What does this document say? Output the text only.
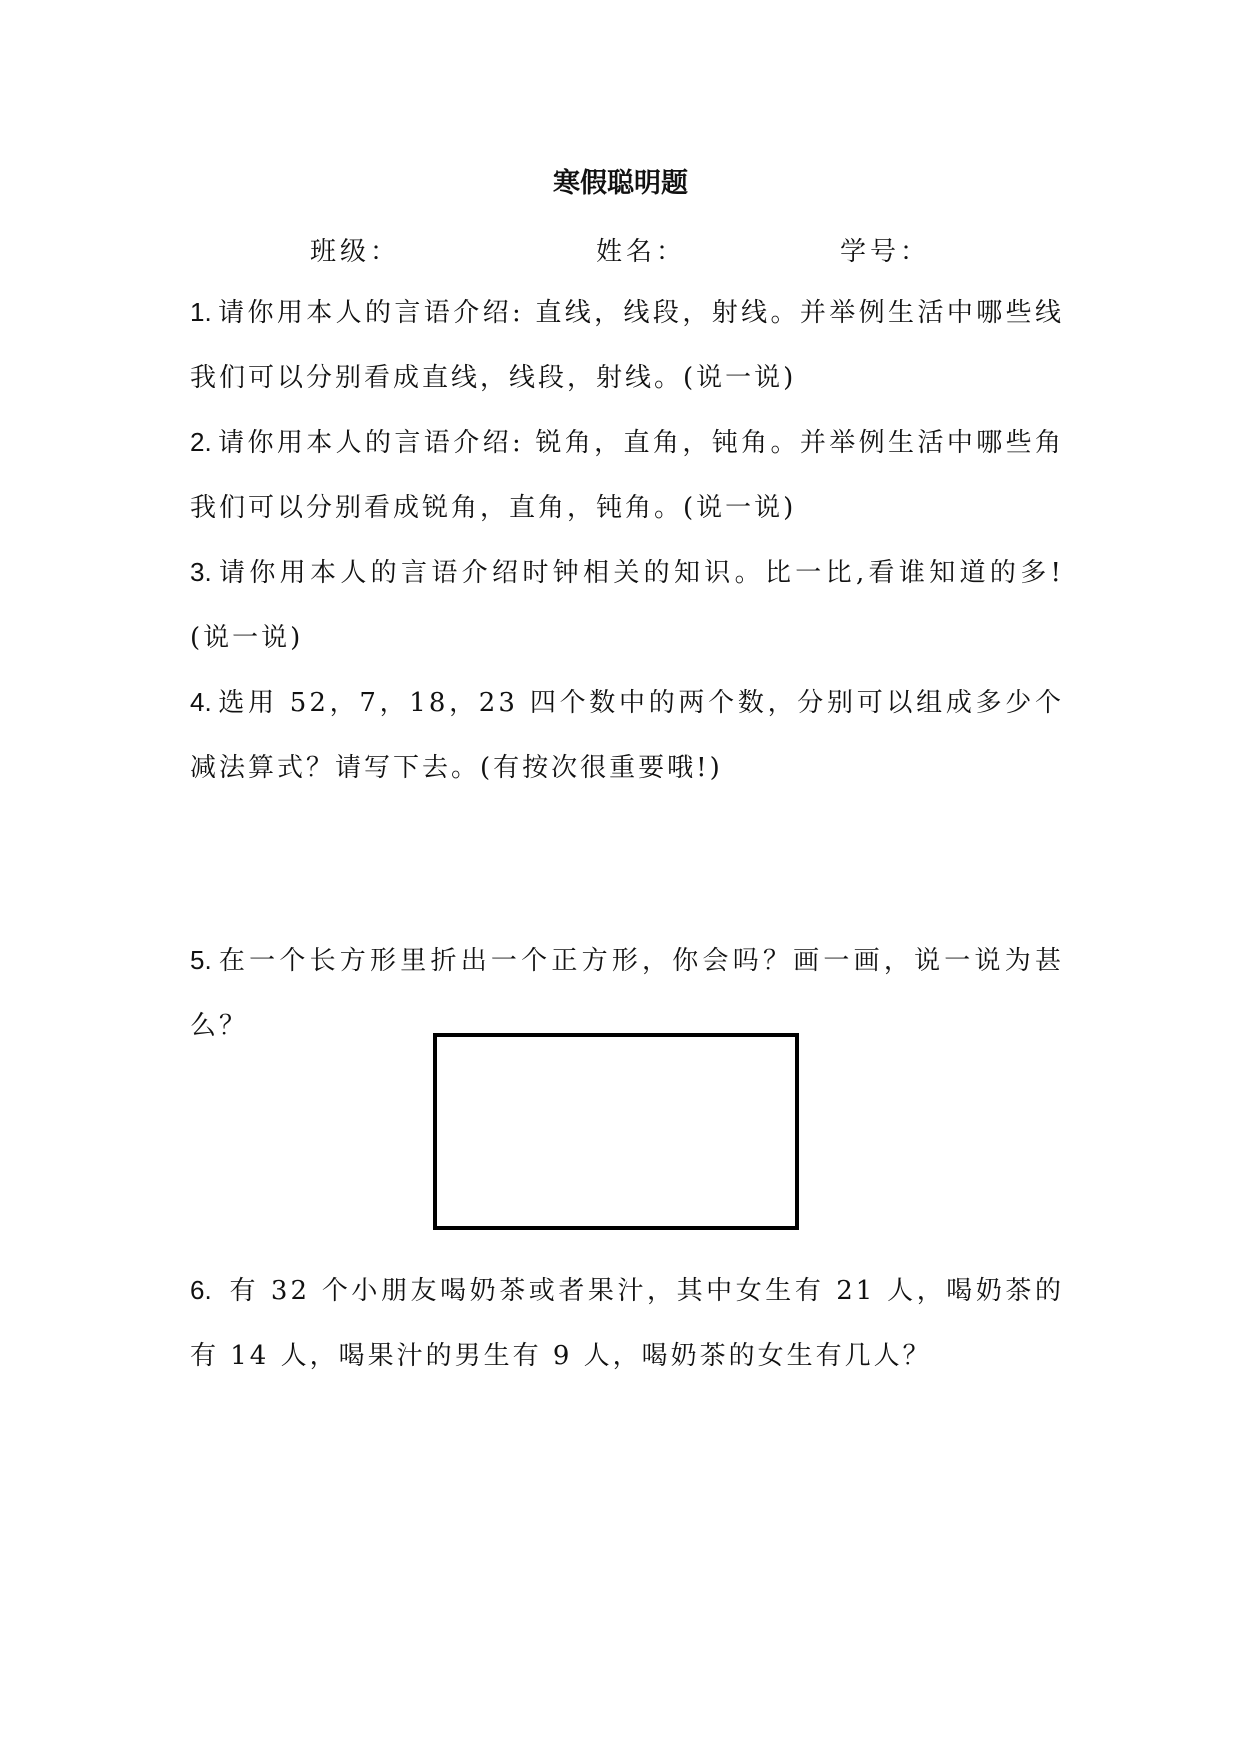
寒假聪明题
班级：	姓名：	学号：
1. 请你用本人的言语介绍: 直线，线段，射线。并举例生活中哪些线我们可以分别看成直线，线段，射线。(说一说)
2. 请你用本人的言语介绍: 锐角，直角，钝角。并举例生活中哪些角我们可以分别看成锐角，直角，钝角。(说一说)
3. 请你用本人的言语介绍时钟相关的知识。比一比,看谁知道的多!(说一说)
4. 选用 52，7，18，23 四个数中的两个数，分别可以组成多少个减法算式？请写下去。(有按次很重要哦!)
5. 在一个长方形里折出一个正方形，你会吗？画一画，说一说为甚么？
6. 有 32 个小朋友喝奶茶或者果汁，其中女生有 21 人，喝奶茶的有 14 人，喝果汁的男生有 9 人，喝奶茶的女生有几人？
